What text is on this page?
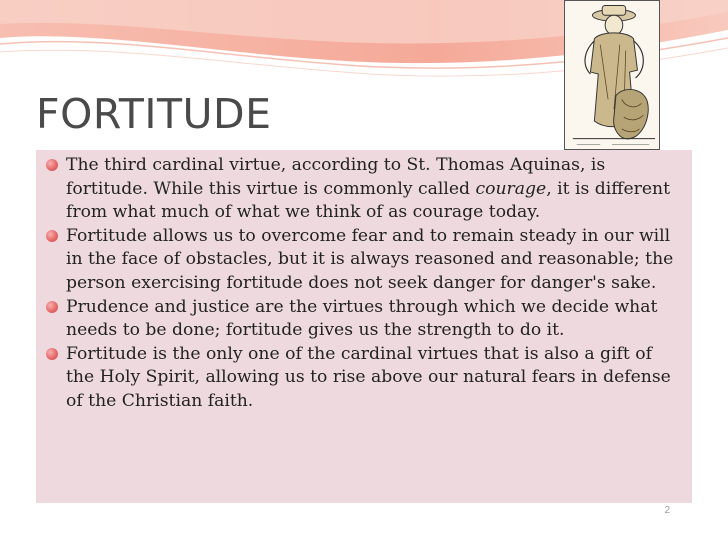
FORTITUDE
The third cardinal virtue, according to St. Thomas Aquinas, is fortitude. While this virtue is commonly called courage, it is different from what much of what we think of as courage today.
Fortitude allows us to overcome fear and to remain steady in our will in the face of obstacles, but it is always reasoned and reasonable; the person exercising fortitude does not seek danger for danger's sake.
Prudence and justice are the virtues through which we decide what needs to be done; fortitude gives us the strength to do it.
Fortitude is the only one of the cardinal virtues that is also a gift of the Holy Spirit, allowing us to rise above our natural fears in defense of the Christian faith.
2
